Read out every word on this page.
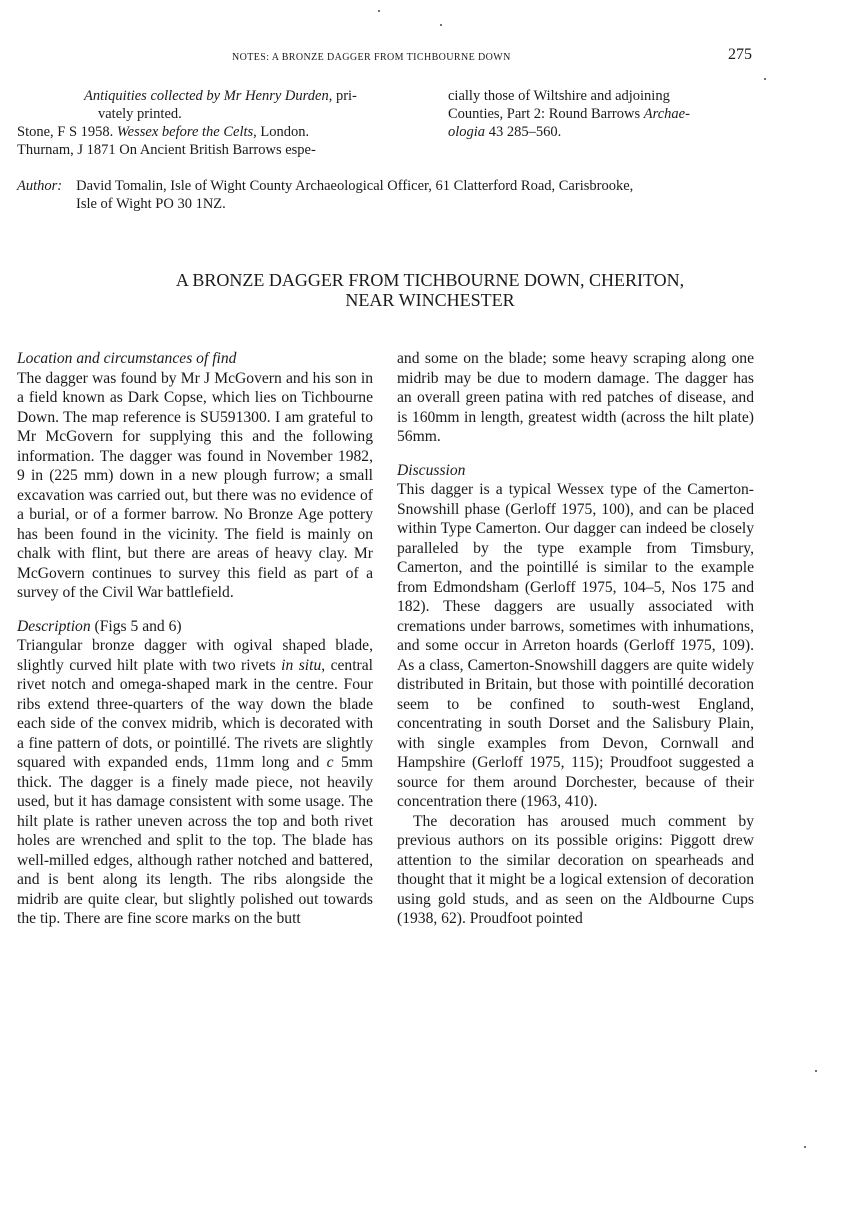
NOTES: A BRONZE DAGGER FROM TICHBOURNE DOWN	275
Antiquities collected by Mr Henry Durden, pri-
vately printed.
Stone, F S 1958. Wessex before the Celts, London.
Thurnam, J 1871 On Ancient British Barrows espe-
cially those of Wiltshire and adjoining
Counties, Part 2: Round Barrows Archae-
ologia 43 285–560.
Author: David Tomalin, Isle of Wight County Archaeological Officer, 61 Clatterford Road, Carisbrooke,
Isle of Wight PO 30 1NZ.
A BRONZE DAGGER FROM TICHBOURNE DOWN, CHERITON,
NEAR WINCHESTER

Location and circumstances of find

The dagger was found by Mr J McGovern and his son in a field known as Dark Copse, which lies on Tichbourne Down. The map reference is SU591300. I am grateful to Mr McGovern for supplying this and the following information. The dagger was found in November 1982, 9 in (225 mm) down in a new plough furrow; a small excavation was carried out, but there was no evidence of a burial, or of a former barrow. No Bronze Age pottery has been found in the vicinity. The field is mainly on chalk with flint, but there are areas of heavy clay. Mr McGovern continues to survey this field as part of a survey of the Civil War battlefield.

Description (Figs 5 and 6)

Triangular bronze dagger with ogival shaped blade, slightly curved hilt plate with two rivets in situ, central rivet notch and omega-shaped mark in the centre. Four ribs extend three-quarters of the way down the blade each side of the convex midrib, which is decorated with a fine pattern of dots, or pointillé. The rivets are slightly squared with expanded ends, 11mm long and c 5mm thick. The dagger is a finely made piece, not heavily used, but it has damage consistent with some usage. The hilt plate is rather uneven across the top and both rivet holes are wrenched and split to the top. The blade has well-milled edges, although rather notched and battered, and is bent along its length. The ribs alongside the midrib are quite clear, but slightly polished out towards the tip. There are fine score marks on the butt

and some on the blade; some heavy scraping along one midrib may be due to modern damage. The dagger has an overall green patina with red patches of disease, and is 160mm in length, greatest width (across the hilt plate) 56mm.

Discussion

This dagger is a typical Wessex type of the Camerton-Snowshill phase (Gerloff 1975, 100), and can be placed within Type Camerton. Our dagger can indeed be closely paralleled by the type example from Timsbury, Camerton, and the pointillé is similar to the example from Edmondsham (Gerloff 1975, 104–5, Nos 175 and 182). These daggers are usually associated with cremations under barrows, sometimes with inhumations, and some occur in Arreton hoards (Gerloff 1975, 109). As a class, Camerton-Snowshill daggers are quite widely distributed in Britain, but those with pointillé decoration seem to be confined to south-west England, concentrating in south Dorset and the Salisbury Plain, with single examples from Devon, Cornwall and Hampshire (Gerloff 1975, 115); Proudfoot suggested a source for them around Dorchester, because of their concentration there (1963, 410).

The decoration has aroused much comment by previous authors on its possible origins: Piggott drew attention to the similar decoration on spearheads and thought that it might be a logical extension of decoration using gold studs, and as seen on the Aldbourne Cups (1938, 62). Proudfoot pointed
